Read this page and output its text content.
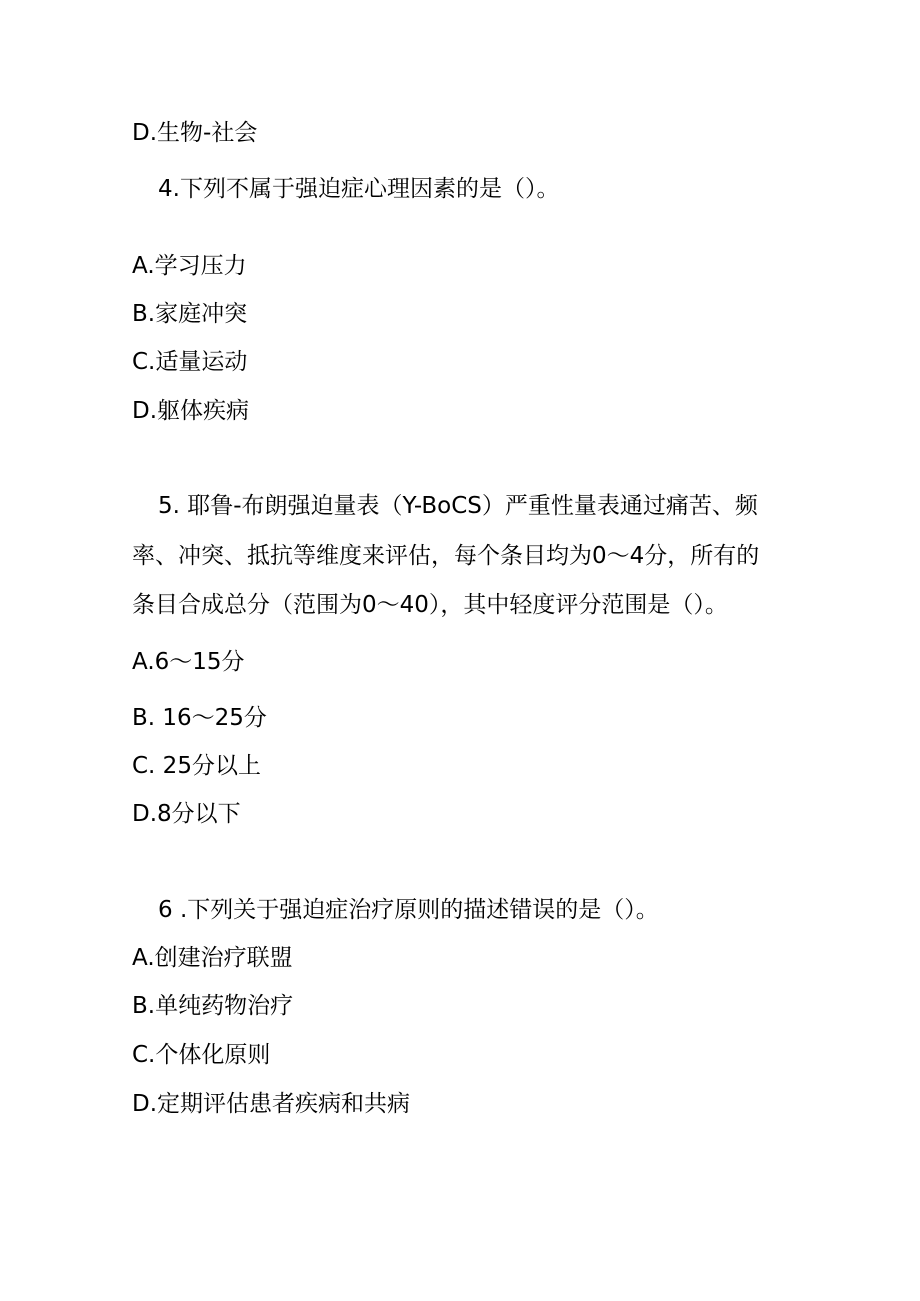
D.生物-社会
4.下列不属于强迫症心理因素的是（）。
A.学习压力
B.家庭冲突
C.适量运动
D.躯体疾病
5. 耶鲁-布朗强迫量表（Y-BoCS）严重性量表通过痛苦、频
率、冲突、抵抗等维度来评估，每个条目均为0〜4分，所有的
条目合成总分（范围为0〜40），其中轻度评分范围是（）。
A.6〜15分
B. 16〜25分
C. 25分以上
D.8分以下
6 .下列关于强迫症治疗原则的描述错误的是（）。
A.创建治疗联盟
B.单纯药物治疗
C.个体化原则
D.定期评估患者疾病和共病
